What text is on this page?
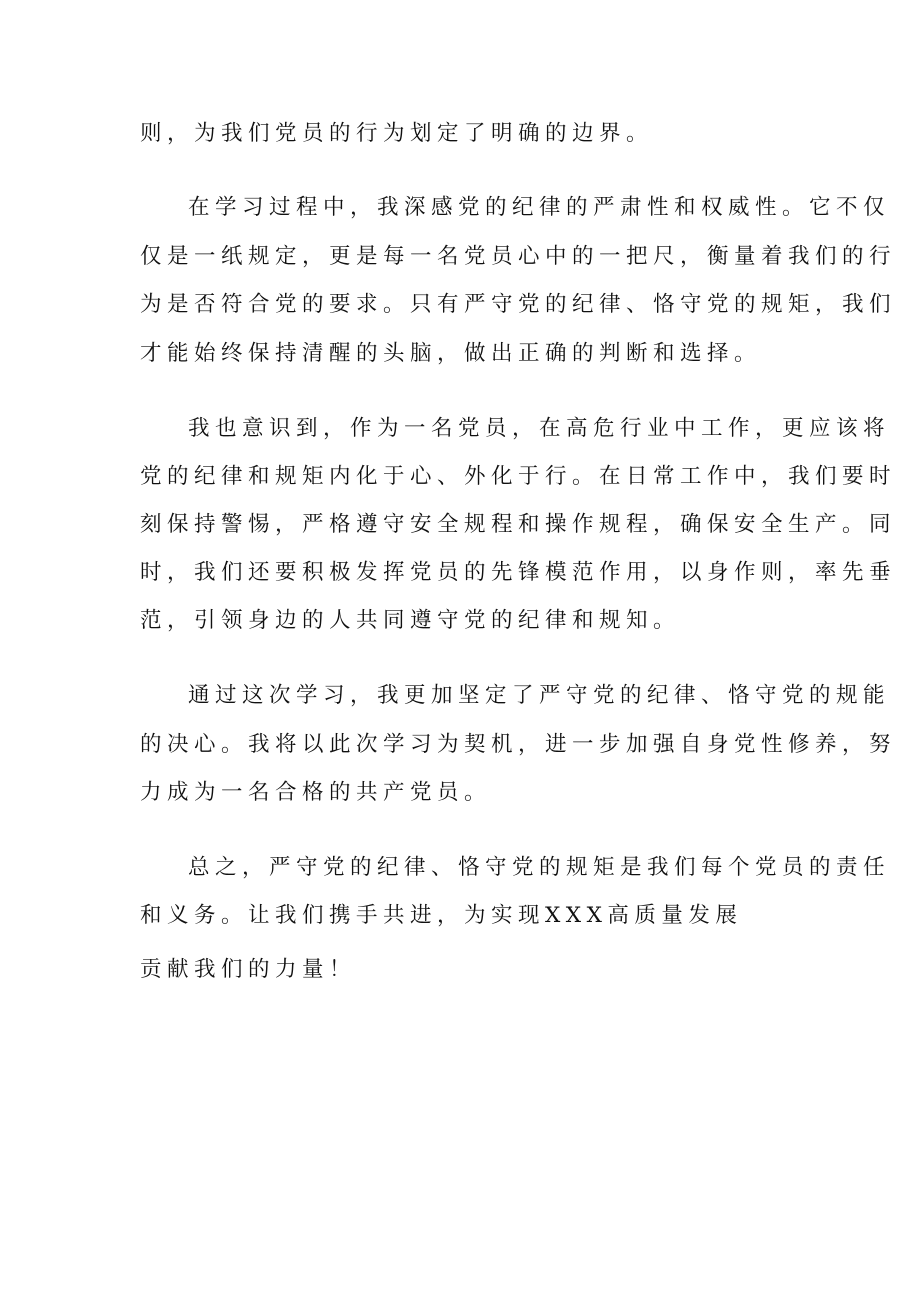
则，为我们党员的行为划定了明确的边界。
在学习过程中，我深感党的纪律的严肃性和权威性。它不仅
仅是一纸规定，更是每一名党员心中的一把尺，衡量着我们的行
为是否符合党的要求。只有严守党的纪律、恪守党的规矩，我们
才能始终保持清醒的头脑，做出正确的判断和选择。
我也意识到，作为一名党员，在高危行业中工作，更应该将
党的纪律和规矩内化于心、外化于行。在日常工作中，我们要时
刻保持警惕，严格遵守安全规程和操作规程，确保安全生产。同
时，我们还要积极发挥党员的先锋模范作用，以身作则，率先垂
范，引领身边的人共同遵守党的纪律和规知。
通过这次学习，我更加坚定了严守党的纪律、恪守党的规能
的决心。我将以此次学习为契机，进一步加强自身党性修养，努
力成为一名合格的共产党员。
总之，严守党的纪律、恪守党的规矩是我们每个党员的责任
和义务。让我们携手共进，为实现XXX高质量发展
贡献我们的力量！
